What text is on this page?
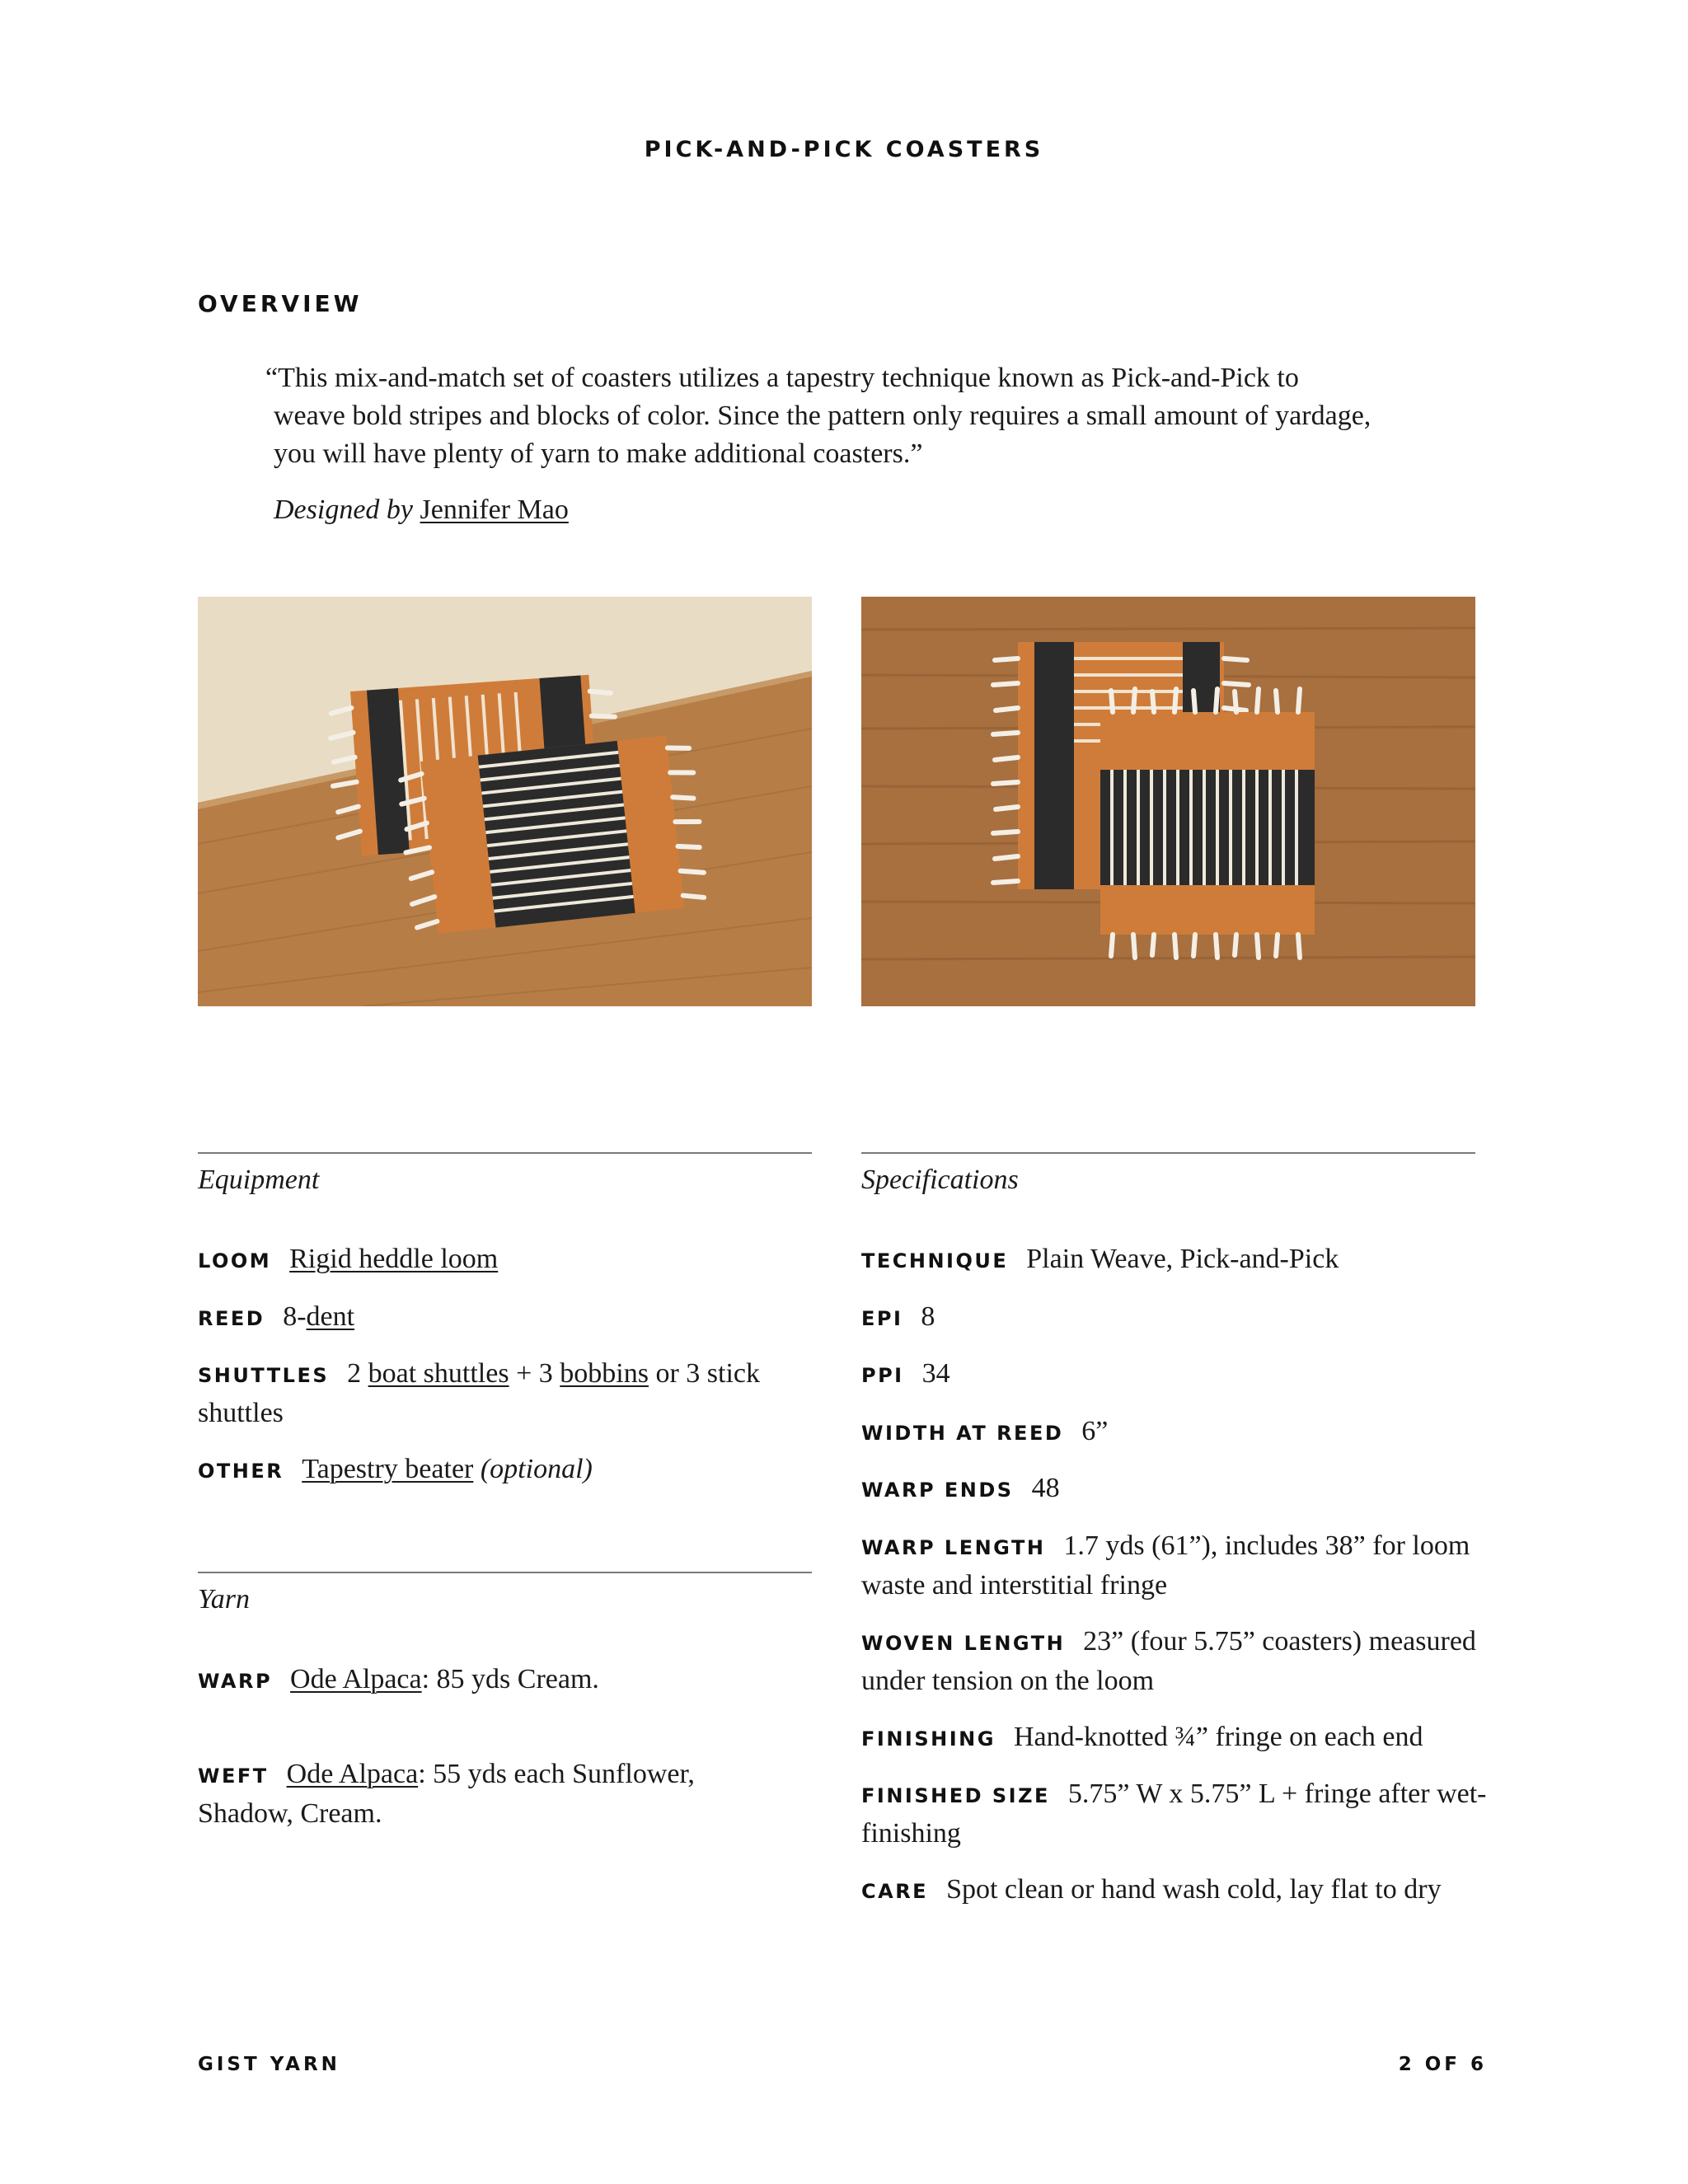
PICK-AND-PICK COASTERS
OVERVIEW
“This mix-and-match set of coasters utilizes a tapestry technique known as Pick-and-Pick to
weave bold stripes and blocks of color. Since the pattern only requires a small amount of yardage,
you will have plenty of yarn to make additional coasters.”
Designed by Jennifer Mao
Equipment
LOOM Rigid heddle loom
REED 8-dent
SHUTTLES 2 boat shuttles + 3 bobbins or 3 stick
shuttles
OTHER Tapestry beater (optional)
Yarn
WARP Ode Alpaca: 85 yds Cream.
WEFT Ode Alpaca: 55 yds each Sunflower,
Shadow, Cream.
Specifications
TECHNIQUE Plain Weave, Pick-and-Pick
EPI 8
PPI 34
WIDTH AT REED 6”
WARP ENDS 48
WARP LENGTH 1.7 yds (61”), includes 38” for loom
waste and interstitial fringe
WOVEN LENGTH 23” (four 5.75” coasters) measured
under tension on the loom
FINISHING Hand-knotted ¾” fringe on each end
FINISHED SIZE 5.75” W x 5.75” L + fringe after wet-
finishing
CARE Spot clean or hand wash cold, lay flat to dry
GIST YARN	2 OF 6
